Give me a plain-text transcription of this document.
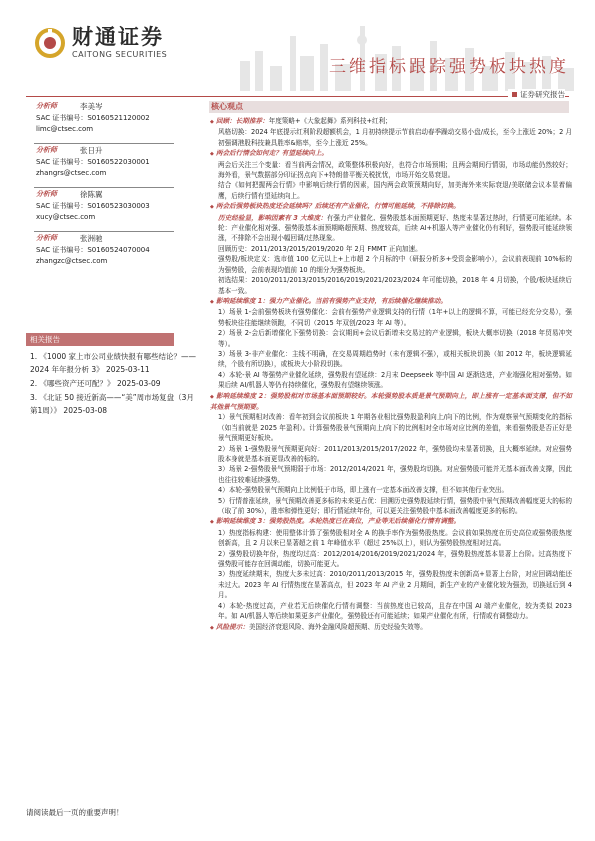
财通证券
CAITONG SECURITIES
三维指标跟踪强势板块热度
证券研究报告
分析师	李美岑
SAC 证书编号：S0160521120002
limc@ctsec.com
分析师	张日升
SAC 证书编号：S0160522030001
zhangrs@ctsec.com
分析师	徐陈翼
SAC 证书编号：S0160523030003
xucy@ctsec.com
分析师	张洲驰
SAC 证书编号：S0160524070004
zhangzc@ctsec.com
相关报告
1. 《1000 家上市公司业绩快报有哪些结论？——2024 年年报分析 3》 2025-03-11
2. 《哪些资产还可配？》 2025-03-09
3. 《北证 50 接近新高——“美”周市场复盘（3月第1周）》 2025-03-08
核心观点

◆ 回顾：长期推荐：年度策略+《大象起舞》系列科技+红利；

风格切换：2024 年底提示红利阶段超额机会，1 月初持续提示节前启动春季躁动交易小盘/成长，至今上涨近 20%；2 月初强调港股科技兼具胜率&赔率，至今上涨近 25%。

◆ 两会后行情会如何走？有望延续向上。

两会后关注三个变量：看当前两会情况，政策整体积极向好，也符合市场预期；且两会期间行情弱，市场动能仍然较好；海外看，景气数据部分印证拐点向下+特朗普平衡关税扰忧，市场开始交易衰退。

结合《如何把握两会行情》中影响后续行情的因素，国内两会政策预期向好，加美海外来实际衰退/美联储会议本显着偏鹰，后续行情有望延续向上。

◆ 两会后强势板块热度还会延续吗？后续还有产业催化，行情可能延续，不排除切换。

历史经验显，影响因素有 3 大维度：有强力产业催化、强势股基本面预期更好、热度未显著过热时，行情更可能延续。本轮：产业催化相对强、强势股基本面预期略超预期、热度较高，后续 AI+机器人等产业催化仍有利好，强势股可能延续领涨，不排除不会出现小幅回调/过热现象。

回顾历史：2011/2013/2015/2019/2020 年 2月 FMMT 正向加速。

强势股/板块定义：选市值 100 亿元以上+上市超 2 个月标的中（研报分析多+受资金影响小），会议前表现前 10%标的为强势股，会前表现均值前 10 的细分为强势板块。

初选结果：2010/2011/2013/2015/2016/2019/2021/2023/2024 年可能切换，2018 年 4 月切换，个股/板块延续后基本一致。

◆ 影响延续维度 1：强力产业催化。当前有强势产业支持，有后续催化继续推动。

1）场景 1-会前强势板块有强势催化：会前有强势产业逻辑支持的行情（1年+以上的逻辑不算，可能已经充分交易），强势板块往往能继续领跑，不同切（2015 年双创/2023 年 AI 等）。

2）场景 2-会后新增催化下强势切换：会议期间+会议后新增未交易过的产业逻辑，板块大概率切换（2018 年贸易冲突等）。

3）场景 3-非产业催化：主线不明确，在交易周期趋势时（未有逻辑不强），或相关板块切换（如 2012 年，板块逻辑延续，个股有所切换），或板块大小阶段切换。

4）本轮-景 AI 等强势产业催化延续，强势股有望延续：2月末 Deepseek 等中国 AI 逐渐迭进，产业端强化相对强势。如果后续 AI/机器人等仍有持续催化，强势股有望继续领涨。

◆ 影响延续维度 2：强势股相对市场基本面预期较好。本轮强势股本质是景气预期向上，即上涨有一定基本面支撑，但不如其他景气预期要。

1）景气预期相对改善：看年初到会议前板块 1 年期各业相比强势股盈利向上/向下的比例，作为观察景气预期变化的指标（如当前就是 2025 年盈利）。计算强势股景气预期向上/向下的比例相对全市场对应比例的差值，来看强势股是否正好是景气预期更好板块。

2）场景 1-强势股景气预期更向好：2011/2013/2015/2017/2022 年，强势股均未显著切换，且大概率延续。对应强势股本身就是基本面更显改善的标的。

3）场景 2-强势股景气预期弱于市场：2012/2014/2021 年，强势股均切换。对应强势股可能并无基本面改善支撑，因此也往往较难延续强势。

4）本轮-强势股景气预期向上比例低于市场，即上涨有一定基本面改善支撑，但不如其他行业突出。

5）行情普涨延续，景气预期改善更多标的未来更占优：回溯历史强势股延续行情，强势股中景气预期改善幅度更大的标的（取了前 30%），胜率和弹性更好；即行情延续年份，可以更关注强势股中基本面改善幅度更多的标的。

◆ 影响延续维度 3：强势股热度。本轮热度已在高位，产业等无后续催化行情有调整。

1）热度指标构建：使用整体计算了强势股相对全 A 的换手率作为强势股热度。会议前如果热度在历史高位或强势股热度创新高，且 2 月以来已显著超之前 1 年峰值水平（超过 25%以上），则认为强势股热度相对过高。

2）强势股切换年份，热度均过高：2012/2014/2016/2019/2021/2024 年，强势股热度基本显著上台阶。过高热度下强势股可能存在回调动能，切换可能更大。

3）热度延续期末，热度大多未过高：2010/2011/2013/2015 年，强势股热度未创新高+显著上台阶，对应回调动能还未过大。2023 年 AI 行情热度在显著高点，但 2023 年 AI 产业 2 月期间，新生产业的产业催化较为强劲，切换延后到 4 月。

4）本轮-热度过高，产业若无后续催化行情有调整：当前热度也已较高，且存在中国 AI 端产业催化，较为类似 2023 年。如 AI/机器人等后续如果更多产业催化，强势股还有可能延续；如果产业催化有所，行情或有调整动力。

◆ 风险提示：美国经济衰退风险、海外金融风险超预期、历史经验失效等。

请阅读最后一页的重要声明！
